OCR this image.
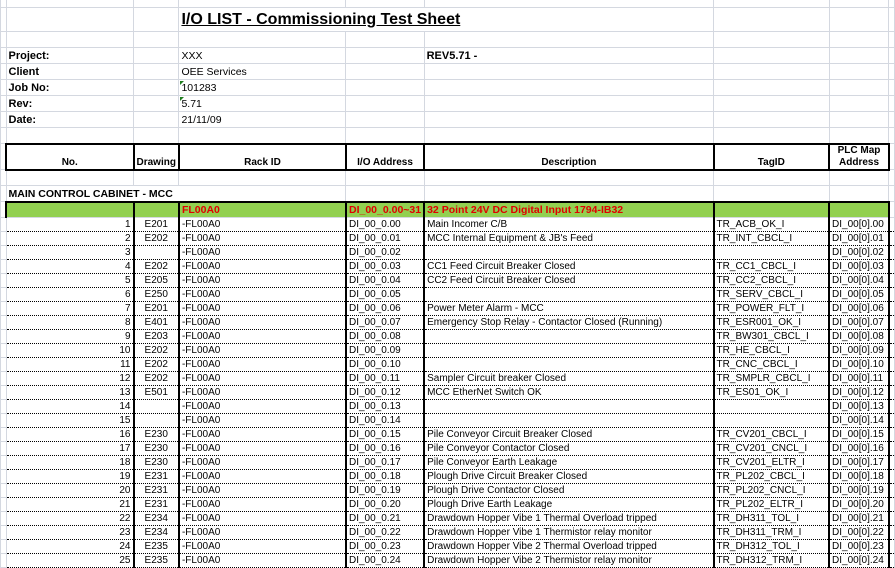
			I/O LIST - Commissioning Test Sheet					

	Project:		XXX		REV5.71 -			
	Client		OEE Services					
	Job No:		101283					
	Rev:		5.71					
	Date:		21/11/09					

	No.	Drawing	Rack ID	I/O Address	Description	TagID	PLC Map Address	

	MAIN CONTROL CABINET - MCC							
			FL00A0	DI_00_0.00~31	32 Point 24V DC Digital Input 1794-IB32			
	1	E201	-FL00A0	DI_00_0.00	Main Incomer C/B	TR_ACB_OK_I	DI_00[0].00	
	2	E202	-FL00A0	DI_00_0.01	MCC Internal Equipment & JB's Feed	TR_INT_CBCL_I	DI_00[0].01	
	3		-FL00A0	DI_00_0.02			DI_00[0].02	
	4	E202	-FL00A0	DI_00_0.03	CC1 Feed Circuit Breaker Closed	TR_CC1_CBCL_I	DI_00[0].03	
	5	E205	-FL00A0	DI_00_0.04	CC2 Feed Circuit Breaker Closed	TR_CC2_CBCL_I	DI_00[0].04	
	6	E250	-FL00A0	DI_00_0.05		TR_SERV_CBCL_I	DI_00[0].05	
	7	E201	-FL00A0	DI_00_0.06	Power Meter Alarm - MCC	TR_POWER_FLT_I	DI_00[0].06	
	8	E401	-FL00A0	DI_00_0.07	Emergency Stop Relay - Contactor Closed (Running)	TR_ESR001_OK_I	DI_00[0].07	
	9	E203	-FL00A0	DI_00_0.08		TR_BW301_CBCL_I	DI_00[0].08	
	10	E202	-FL00A0	DI_00_0.09		TR_HE_CBCL_I	DI_00[0].09	
	11	E202	-FL00A0	DI_00_0.10		TR_CNC_CBCL_I	DI_00[0].10	
	12	E202	-FL00A0	DI_00_0.11	Sampler Circuit breaker Closed	TR_SMPLR_CBCL_I	DI_00[0].11	
	13	E501	-FL00A0	DI_00_0.12	MCC EtherNet Switch OK	TR_ES01_OK_I	DI_00[0].12	
	14		-FL00A0	DI_00_0.13			DI_00[0].13	
	15		-FL00A0	DI_00_0.14			DI_00[0].14	
	16	E230	-FL00A0	DI_00_0.15	Pile Conveyor Circuit Breaker Closed	TR_CV201_CBCL_I	DI_00[0].15	
	17	E230	-FL00A0	DI_00_0.16	Pile Conveyor Contactor Closed	TR_CV201_CNCL_I	DI_00[0].16	
	18	E230	-FL00A0	DI_00_0.17	Pile Conveyor Earth Leakage	TR_CV201_ELTR_I	DI_00[0].17	
	19	E231	-FL00A0	DI_00_0.18	Plough Drive Circuit Breaker Closed	TR_PL202_CBCL_I	DI_00[0].18	
	20	E231	-FL00A0	DI_00_0.19	Plough Drive Contactor Closed	TR_PL202_CNCL_I	DI_00[0].19	
	21	E231	-FL00A0	DI_00_0.20	Plough Drive Earth Leakage	TR_PL202_ELTR_I	DI_00[0].20	
	22	E234	-FL00A0	DI_00_0.21	Drawdown Hopper Vibe 1 Thermal Overload tripped	TR_DH311_TOL_I	DI_00[0].21	
	23	E234	-FL00A0	DI_00_0.22	Drawdown Hopper Vibe 1 Thermistor relay monitor	TR_DH311_TRM_I	DI_00[0].22	
	24	E235	-FL00A0	DI_00_0.23	Drawdown Hopper Vibe 2 Thermal Overload tripped	TR_DH312_TOL_I	DI_00[0].23	
	25	E235	-FL00A0	DI_00_0.24	Drawdown Hopper Vibe 2 Thermistor relay monitor	TR_DH312_TRM_I	DI_00[0].24	
